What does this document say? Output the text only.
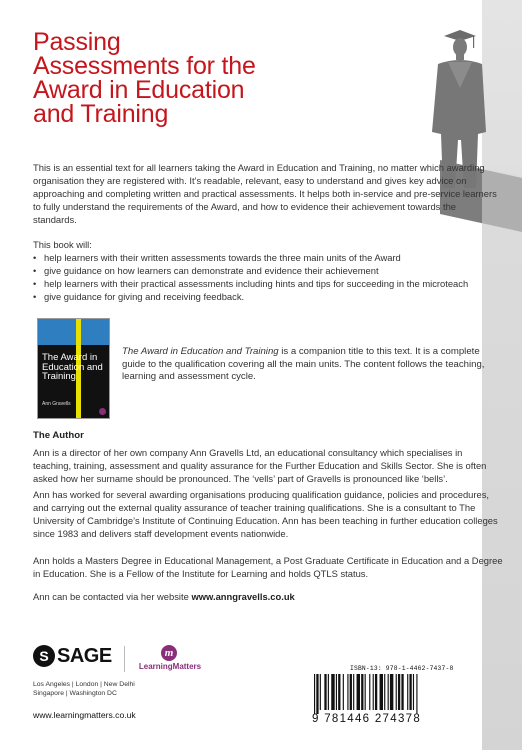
Passing Assessments for the Award in Education and Training

This is an essential text for all learners taking the Award in Education and Training, no matter which awarding organisation they are registered with. It’s readable, relevant, easy to understand and gives key advice on approaching and completing written and practical assessments. It helps both in-service and pre-service learners to fully understand the requirements of the Award, and how to evidence their achievement towards the standards.

This book will:

• help learners with their written assessments towards the three main units of the Award
• give guidance on how learners can demonstrate and evidence their achievement
• help learners with their practical assessments including hints and tips for succeeding in the microteach
• give guidance for giving and receiving feedback.
The Award in Education and Training
Ann Gravells

The Award in Education and Training is a companion title to this text. It is a complete guide to the qualification covering all the main units. The content follows the teaching, learning and assessment cycle.

The Author

Ann is a director of her own company Ann Gravells Ltd, an educational consultancy which specialises in teaching, training, assessment and quality assurance for the Further Education and Skills Sector. She is often asked how her surname should be pronounced. The ‘vells’ part of Gravells is pronounced like ‘bells’.

Ann has worked for several awarding organisations producing qualification guidance, policies and procedures, and carrying out the external quality assurance of teacher training qualifications. She is a consultant to The University of Cambridge’s Institute of Continuing Education. Ann has been teaching in further education colleges since 1983 and delivers staff development events nationwide.

Ann holds a Masters Degree in Educational Management, a Post Graduate Certificate in Education and a Degree in Education. She is a Fellow of the Institute for Learning and holds QTLS status.

Ann can be contacted via her website www.anngravells.co.uk

S SAGE	m
LearningMatters
Los Angeles | London | New Delhi
Singapore | Washington DC
www.learningmatters.co.uk
ISBN-13: 978-1-4462-7437-8
9 781446 274378
